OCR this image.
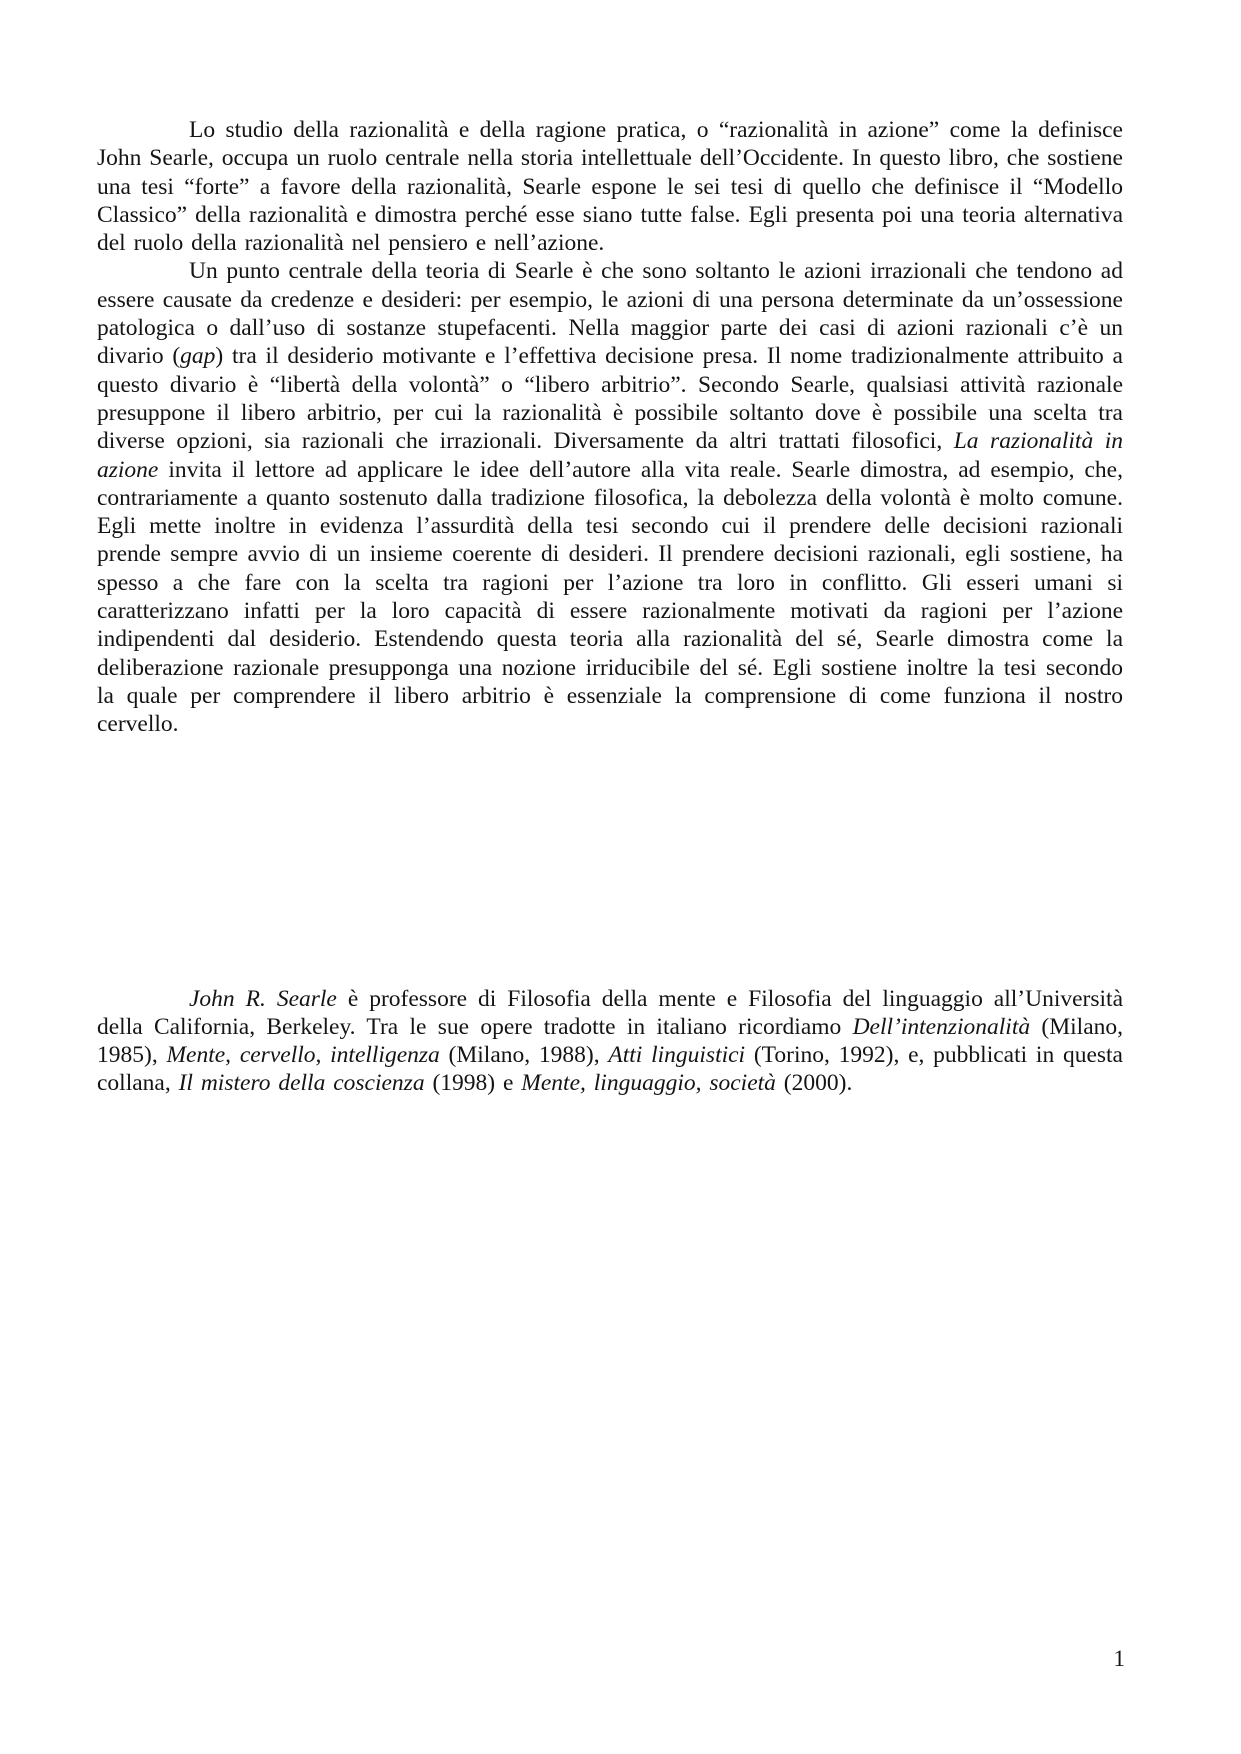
Lo studio della razionalità e della ragione pratica, o “razionalità in azione” come la definisce John Searle, occupa un ruolo centrale nella storia intellettuale dell’Occidente. In questo libro, che sostiene una tesi “forte” a favore della razionalità, Searle espone le sei tesi di quello che definisce il “Modello Classico” della razionalità e dimostra perché esse siano tutte false. Egli presenta poi una teoria alternativa del ruolo della razionalità nel pensiero e nell’azione.

Un punto centrale della teoria di Searle è che sono soltanto le azioni irrazionali che tendono ad essere causate da credenze e desideri: per esempio, le azioni di una persona determinate da un’ossessione patologica o dall’uso di sostanze stupefacenti. Nella maggior parte dei casi di azioni razionali c’è un divario (gap) tra il desiderio motivante e l’effettiva decisione presa. Il nome tradizionalmente attribuito a questo divario è “libertà della volontà” o “libero arbitrio”. Secondo Searle, qualsiasi attività razionale presuppone il libero arbitrio, per cui la razionalità è possibile soltanto dove è possibile una scelta tra diverse opzioni, sia razionali che irrazionali. Diversamente da altri trattati filosofici, La razionalità in azione invita il lettore ad applicare le idee dell’autore alla vita reale. Searle dimostra, ad esempio, che, contrariamente a quanto sostenuto dalla tradizione filosofica, la debolezza della volontà è molto comune. Egli mette inoltre in evidenza l’assurdità della tesi secondo cui il prendere delle decisioni razionali prende sempre avvio di un insieme coerente di desideri. Il prendere decisioni razionali, egli sostiene, ha spesso a che fare con la scelta tra ragioni per l’azione tra loro in conflitto. Gli esseri umani si caratterizzano infatti per la loro capacità di essere razionalmente motivati da ragioni per l’azione indipendenti dal desiderio. Estendendo questa teoria alla razionalità del sé, Searle dimostra come la deliberazione razionale presupponga una nozione irriducibile del sé. Egli sostiene inoltre la tesi secondo la quale per comprendere il libero arbitrio è essenziale la comprensione di come funziona il nostro cervello.

John R. Searle è professore di Filosofia della mente e Filosofia del linguaggio all’Università della California, Berkeley. Tra le sue opere tradotte in italiano ricordiamo Dell’intenzionalità (Milano, 1985), Mente, cervello, intelligenza (Milano, 1988), Atti linguistici (Torino, 1992), e, pubblicati in questa collana, Il mistero della coscienza (1998) e Mente, linguaggio, società (2000).

1
